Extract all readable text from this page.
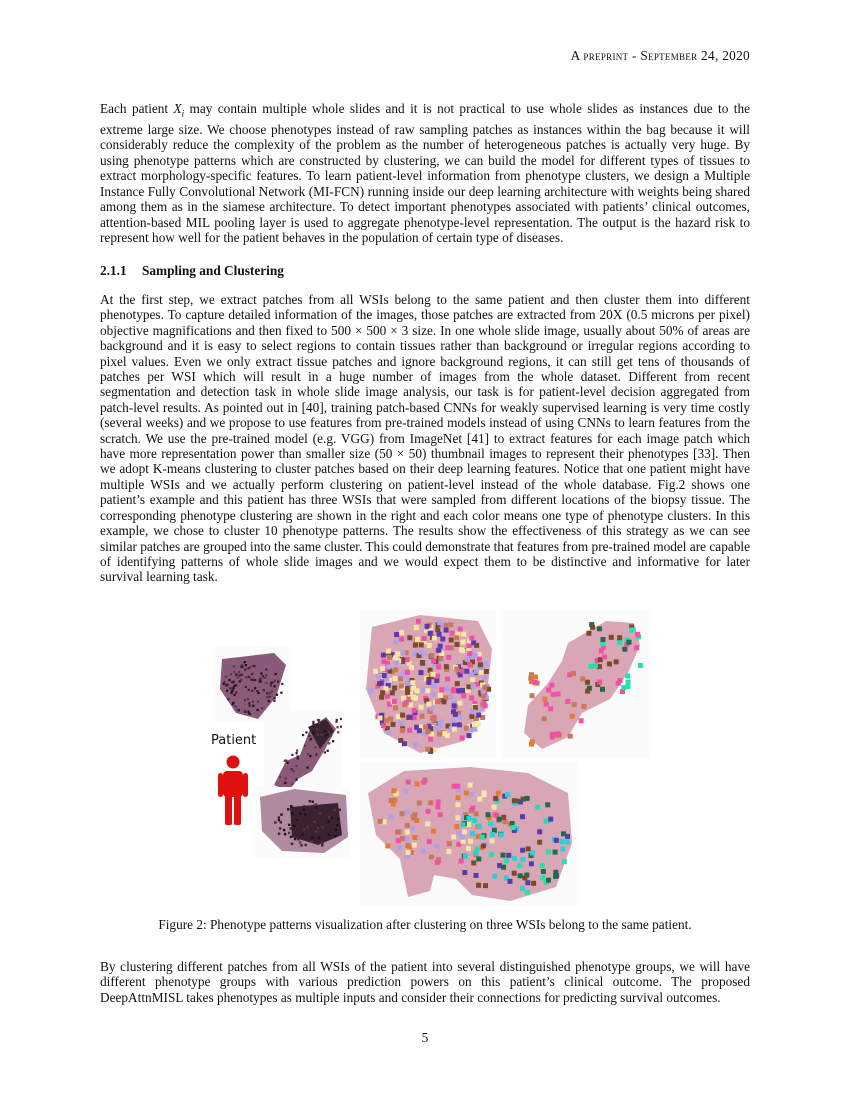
A preprint - September 24, 2020

Each patient $X_i$ may contain multiple whole slides and it is not practical to use whole slides as instances due to the extreme large size. We choose phenotypes instead of raw sampling patches as instances within the bag because it will considerably reduce the complexity of the problem as the number of heterogeneous patches is actually very huge. By using phenotype patterns which are constructed by clustering, we can build the model for different types of tissues to extract morphology-specific features. To learn patient-level information from phenotype clusters, we design a Multiple Instance Fully Convolutional Network (MI-FCN) running inside our deep learning architecture with weights being shared among them as in the siamese architecture. To detect important phenotypes associated with patients’ clinical outcomes, attention-based MIL pooling layer is used to aggregate phenotype-level representation. The output is the hazard risk to represent how well for the patient behaves in the population of certain type of diseases.

2.1.1 Sampling and Clustering

At the first step, we extract patches from all WSIs belong to the same patient and then cluster them into different phenotypes. To capture detailed information of the images, those patches are extracted from 20X (0.5 microns per pixel) objective magnifications and then fixed to 500 × 500 × 3 size. In one whole slide image, usually about 50% of areas are background and it is easy to select regions to contain tissues rather than background or irregular regions according to pixel values. Even we only extract tissue patches and ignore background regions, it can still get tens of thousands of patches per WSI which will result in a huge number of images from the whole dataset. Different from recent segmentation and detection task in whole slide image analysis, our task is for patient-level decision aggregated from patch-level results. As pointed out in [40], training patch-based CNNs for weakly supervised learning is very time costly (several weeks) and we propose to use features from pre-trained models instead of using CNNs to learn features from the scratch. We use the pre-trained model (e.g. VGG) from ImageNet [41] to extract features for each image patch which have more representation power than smaller size (50 × 50) thumbnail images to represent their phenotypes [33]. Then we adopt K-means clustering to cluster patches based on their deep learning features. Notice that one patient might have multiple WSIs and we actually perform clustering on patient-level instead of the whole database. Fig.2 shows one patient’s example and this patient has three WSIs that were sampled from different locations of the biopsy tissue. The corresponding phenotype clustering are shown in the right and each color means one type of phenotype clusters. In this example, we chose to cluster 10 phenotype patterns. The results show the effectiveness of this strategy as we can see similar patches are grouped into the same cluster. This could demonstrate that features from pre-trained model are capable of identifying patterns of whole slide images and we would expect them to be distinctive and informative for later survival learning task.

Patient
Figure 2: Phenotype patterns visualization after clustering on three WSIs belong to the same patient.

By clustering different patches from all WSIs of the patient into several distinguished phenotype groups, we will have different phenotype groups with various prediction powers on this patient’s clinical outcome. The proposed DeepAttnMISL takes phenotypes as multiple inputs and consider their connections for predicting survival outcomes.

5
